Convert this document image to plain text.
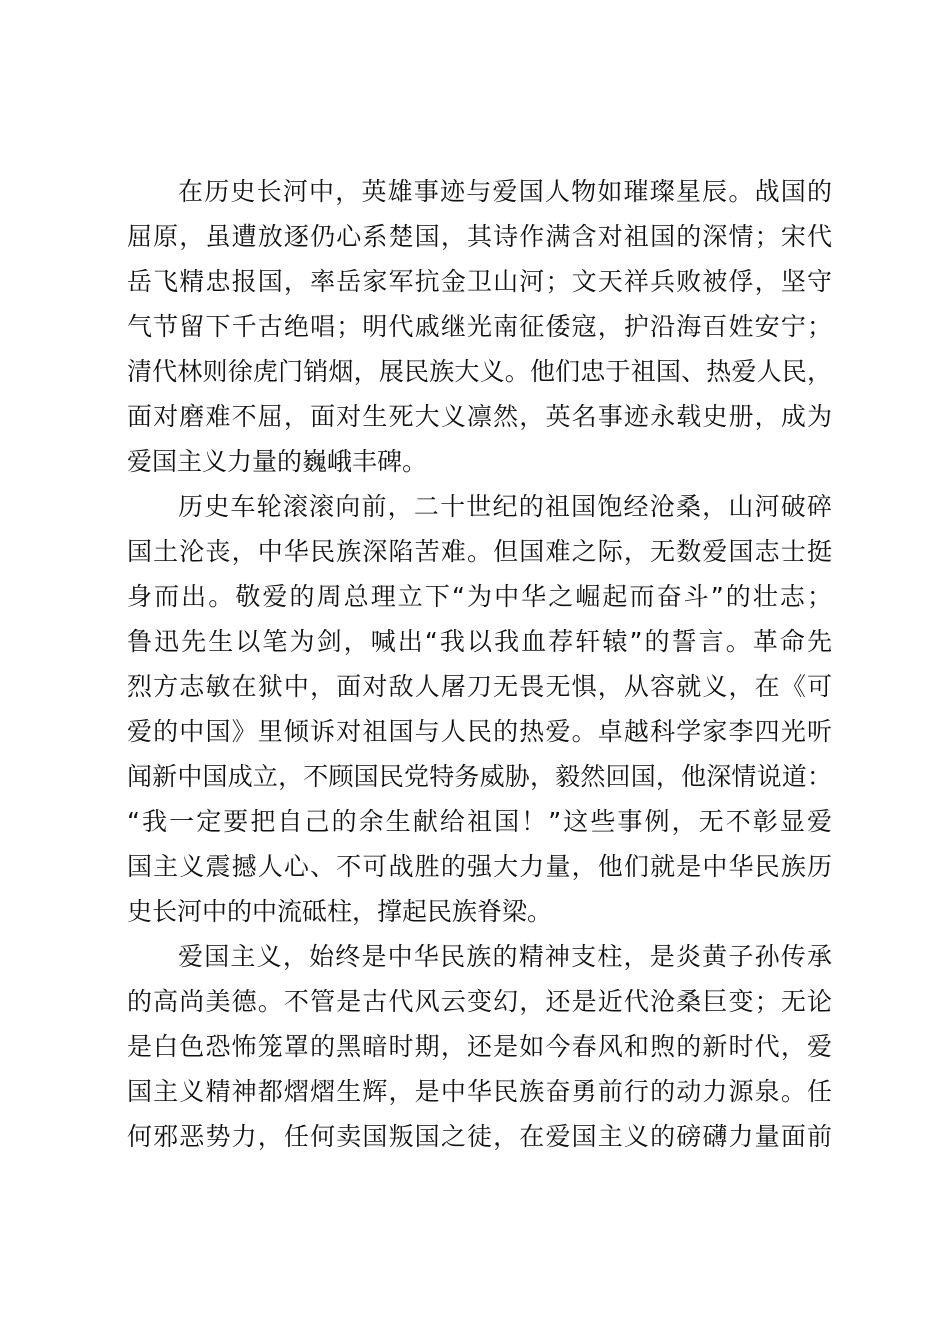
在历史长河中，英雄事迹与爱国人物如璀璨星辰。战国的
屈原，虽遭放逐仍心系楚国，其诗作满含对祖国的深情；宋代
岳飞精忠报国，率岳家军抗金卫山河；文天祥兵败被俘，坚守
气节留下千古绝唱；明代戚继光南征倭寇，护沿海百姓安宁；
清代林则徐虎门销烟，展民族大义。他们忠于祖国、热爱人民，
面对磨难不屈，面对生死大义凛然，英名事迹永载史册，成为
爱国主义力量的巍峨丰碑。
历史车轮滚滚向前，二十世纪的祖国饱经沧桑，山河破碎
国土沦丧，中华民族深陷苦难。但国难之际，无数爱国志士挺
身而出。敬爱的周总理立下“为中华之崛起而奋斗”的壮志；
鲁迅先生以笔为剑，喊出“我以我血荐轩辕”的誓言。革命先
烈方志敏在狱中，面对敌人屠刀无畏无惧，从容就义，在《可
爱的中国》里倾诉对祖国与人民的热爱。卓越科学家李四光听
闻新中国成立，不顾国民党特务威胁，毅然回国，他深情说道：
“我一定要把自己的余生献给祖国！”这些事例，无不彰显爱
国主义震撼人心、不可战胜的强大力量，他们就是中华民族历
史长河中的中流砥柱，撑起民族脊梁。
爱国主义，始终是中华民族的精神支柱，是炎黄子孙传承
的高尚美德。不管是古代风云变幻，还是近代沧桑巨变；无论
是白色恐怖笼罩的黑暗时期，还是如今春风和煦的新时代，爱
国主义精神都熠熠生辉，是中华民族奋勇前行的动力源泉。任
何邪恶势力，任何卖国叛国之徒，在爱国主义的磅礴力量面前
